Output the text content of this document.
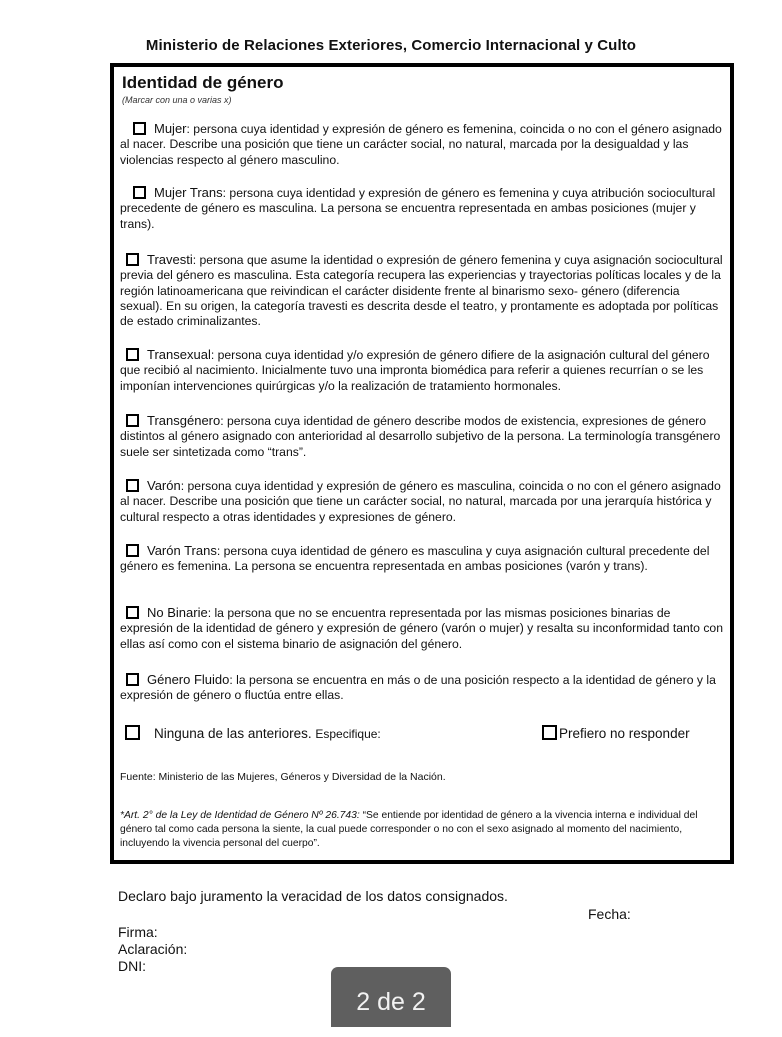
Ministerio de Relaciones Exteriores, Comercio Internacional y Culto
Identidad de género
(Marcar con una o varias x)
Mujer: persona cuya identidad y expresión de género es femenina, coincida o no con el género asignado al nacer. Describe una posición que tiene un carácter social, no natural, marcada por la desigualdad y las violencias respecto al género masculino.
Mujer Trans: persona cuya identidad y expresión de género es femenina y cuya atribución sociocultural precedente de género es masculina. La persona se encuentra representada en ambas posiciones (mujer y trans).
Travesti: persona que asume la identidad o expresión de género femenina y cuya asignación sociocultural previa del género es masculina. Esta categoría recupera las experiencias y trayectorias políticas locales y de la región latinoamericana que reivindican el carácter disidente frente al binarismo sexo- género (diferencia sexual). En su origen, la categoría travesti es descrita desde el teatro, y prontamente es adoptada por políticas de estado criminalizantes.
Transexual: persona cuya identidad y/o expresión de género difiere de la asignación cultural del género que recibió al nacimiento. Inicialmente tuvo una impronta biomédica para referir a quienes recurrían o se les imponían intervenciones quirúrgicas y/o la realización de tratamiento hormonales.
Transgénero: persona cuya identidad de género describe modos de existencia, expresiones de género distintos al género asignado con anterioridad al desarrollo subjetivo de la persona. La terminología transgénero suele ser sintetizada como “trans”.
Varón: persona cuya identidad y expresión de género es masculina, coincida o no con el género asignado al nacer. Describe una posición que tiene un carácter social, no natural, marcada por una jerarquía histórica y cultural respecto a otras identidades y expresiones de género.
Varón Trans: persona cuya identidad de género es masculina y cuya asignación cultural precedente del género es femenina. La persona se encuentra representada en ambas posiciones (varón y trans).
No Binarie: la persona que no se encuentra representada por las mismas posiciones binarias de expresión de la identidad de género y expresión de género (varón o mujer) y resalta su inconformidad tanto con ellas así como con el sistema binario de asignación del género.
Género Fluido: la persona se encuentra en más o de una posición respecto a la identidad de género y la expresión de género o fluctúa entre ellas.
Ninguna de las anteriores. Especifique:	Prefiero no responder
Fuente: Ministerio de las Mujeres, Géneros y Diversidad de la Nación.
*Art. 2° de la Ley de Identidad de Género Nº 26.743: “Se entiende por identidad de género a la vivencia interna e individual del género tal como cada persona la siente, la cual puede corresponder o no con el sexo asignado al momento del nacimiento, incluyendo la vivencia personal del cuerpo”.
Declaro bajo juramento la veracidad de los datos consignados.
Fecha:
Firma:
Aclaración:
DNI:
2 de 2
